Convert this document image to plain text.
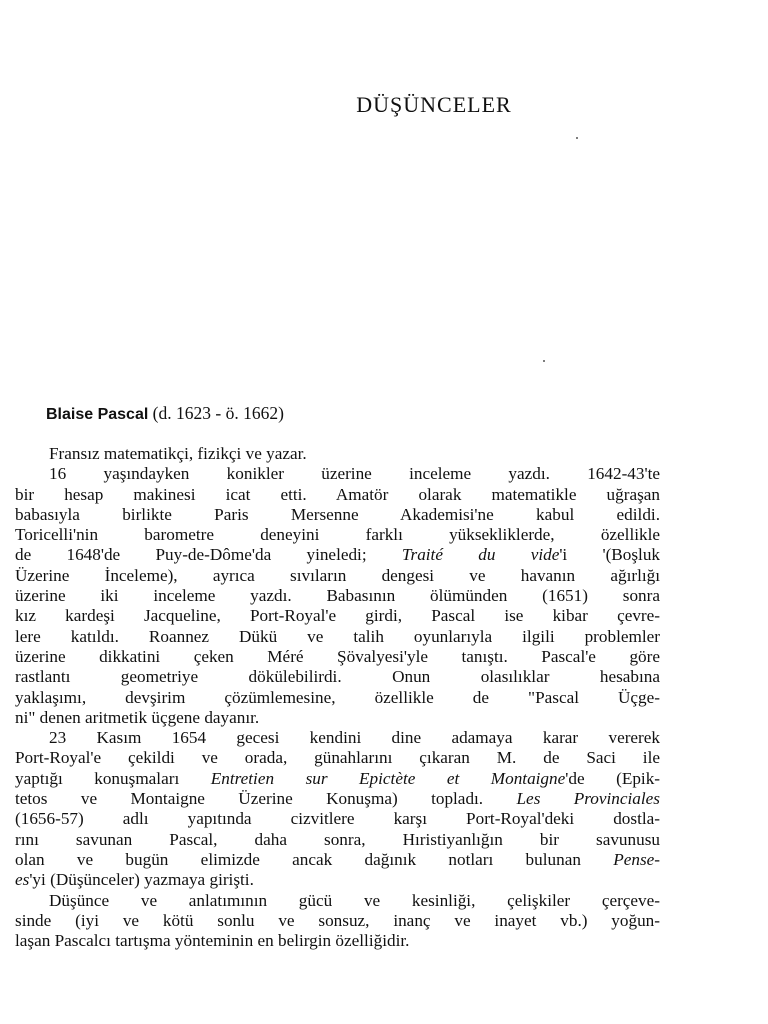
DÜŞÜNCELER
Blaise Pascal (d. 1623 - ö. 1662)
Fransız matematikçi, fizikçi ve yazar.
16 yaşındayken konikler üzerine inceleme yazdı. 1642-43'te
bir hesap makinesi icat etti. Amatör olarak matematikle uğraşan
babasıyla birlikte Paris Mersenne Akademisi'ne kabul edildi.
Toricelli'nin barometre deneyini farklı yüksekliklerde, özellikle
de 1648'de Puy-de-Dôme'da yineledi; Traité du vide'i '(Boşluk
Üzerine İnceleme), ayrıca sıvıların dengesi ve havanın ağırlığı
üzerine iki inceleme yazdı. Babasının ölümünden (1651) sonra
kız kardeşi Jacqueline, Port-Royal'e girdi, Pascal ise kibar çevre-
lere katıldı. Roannez Dükü ve talih oyunlarıyla ilgili problemler
üzerine dikkatini çeken Méré Şövalyesi'yle tanıştı. Pascal'e göre
rastlantı geometriye dökülebilirdi. Onun olasılıklar hesabına
yaklaşımı, devşirim çözümlemesine, özellikle de "Pascal Üçge-
ni" denen aritmetik üçgene dayanır.
23 Kasım 1654 gecesi kendini dine adamaya karar vererek
Port-Royal'e çekildi ve orada, günahlarını çıkaran M. de Saci ile
yaptığı konuşmaları Entretien sur Epictète et Montaigne'de (Epik-
tetos ve Montaigne Üzerine Konuşma) topladı. Les Provinciales
(1656-57) adlı yapıtında cizvitlere karşı Port-Royal'deki dostla-
rını savunan Pascal, daha sonra, Hıristiyanlığın bir savunusu
olan ve bugün elimizde ancak dağınık notları bulunan Pense-
es'yi (Düşünceler) yazmaya girişti.
Düşünce ve anlatımının gücü ve kesinliği, çelişkiler çerçeve-
sinde (iyi ve kötü sonlu ve sonsuz, inanç ve inayet vb.) yoğun-
laşan Pascalcı tartışma yönteminin en belirgin özelliğidir.
